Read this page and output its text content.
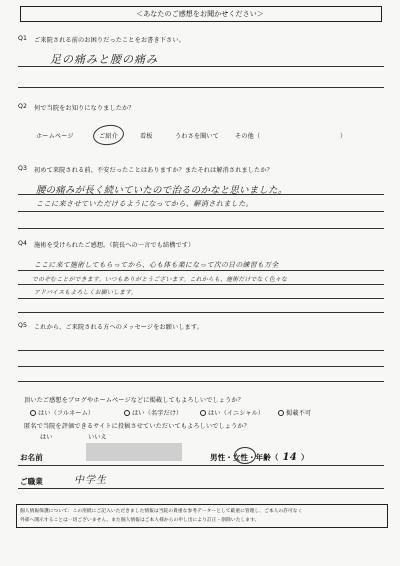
＜あなたのご感想をお聞かせください＞
Q1 ご来院される前のお困りだったことをお書き下さい。
足の痛みと腰の痛み
Q2 何で当院をお知りになりましたか？
ホームページ	ご紹介	看板	うわさを聞いて	その他（	）
Q3 初めて来院される前、不安だったことはありますか？またそれは解消されましたか？
腰の痛みが長く続いていたので治るのかなと思いました。
ここに来させていただけるようになってから、解消されました。
Q4 施術を受けられたご感想。（院長への一言でも結構です）
ここに来て施術してもらってから、心も体も楽になって次の日の練習も万全
でのぞむことができます。いつもありがとうございます。これからも、施術だけでなく色々な
アドバイスもよろしくお願いします。
Q5 これから、ご来院される方へのメッセージをお願いします。
頂いたご感想をブログやホームページなどに掲載してもよろしいでしょうか？
はい（フルネーム）	はい（名字だけ）	はい（イニシャル）	掲載不可
匿名で当院を評価できるサイトに投稿させていただいてもよろしいでしょうか？
はい	いいえ
お名前	男性・女性・年齢（ 14 ）
ご職業	中学生
個人情報保護について：この用紙にご記入いただきました情報は当院の貴重な参考データーとして厳重に管理し、ご本人の許可なく
外部へ開示することは一切ございません。また個人情報はご本人様からの申し出により訂正・削除いたします。
